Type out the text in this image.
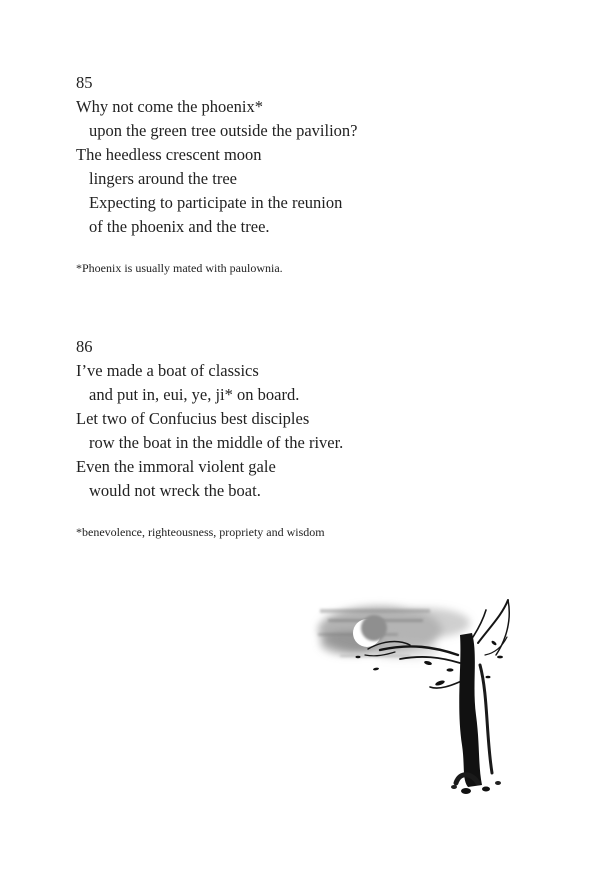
85
Why not come the phoenix*
upon the green tree outside the pavilion?
The heedless crescent moon
lingers around the tree
Expecting to participate in the reunion
of the phoenix and the tree.
*Phoenix is usually mated with paulownia.
86
I’ve made a boat of classics
and put in, eui, ye, ji* on board.
Let two of Confucius best disciples
row the boat in the middle of the river.
Even the immoral violent gale
would not wreck the boat.
*benevolence, righteousness, propriety and wisdom
